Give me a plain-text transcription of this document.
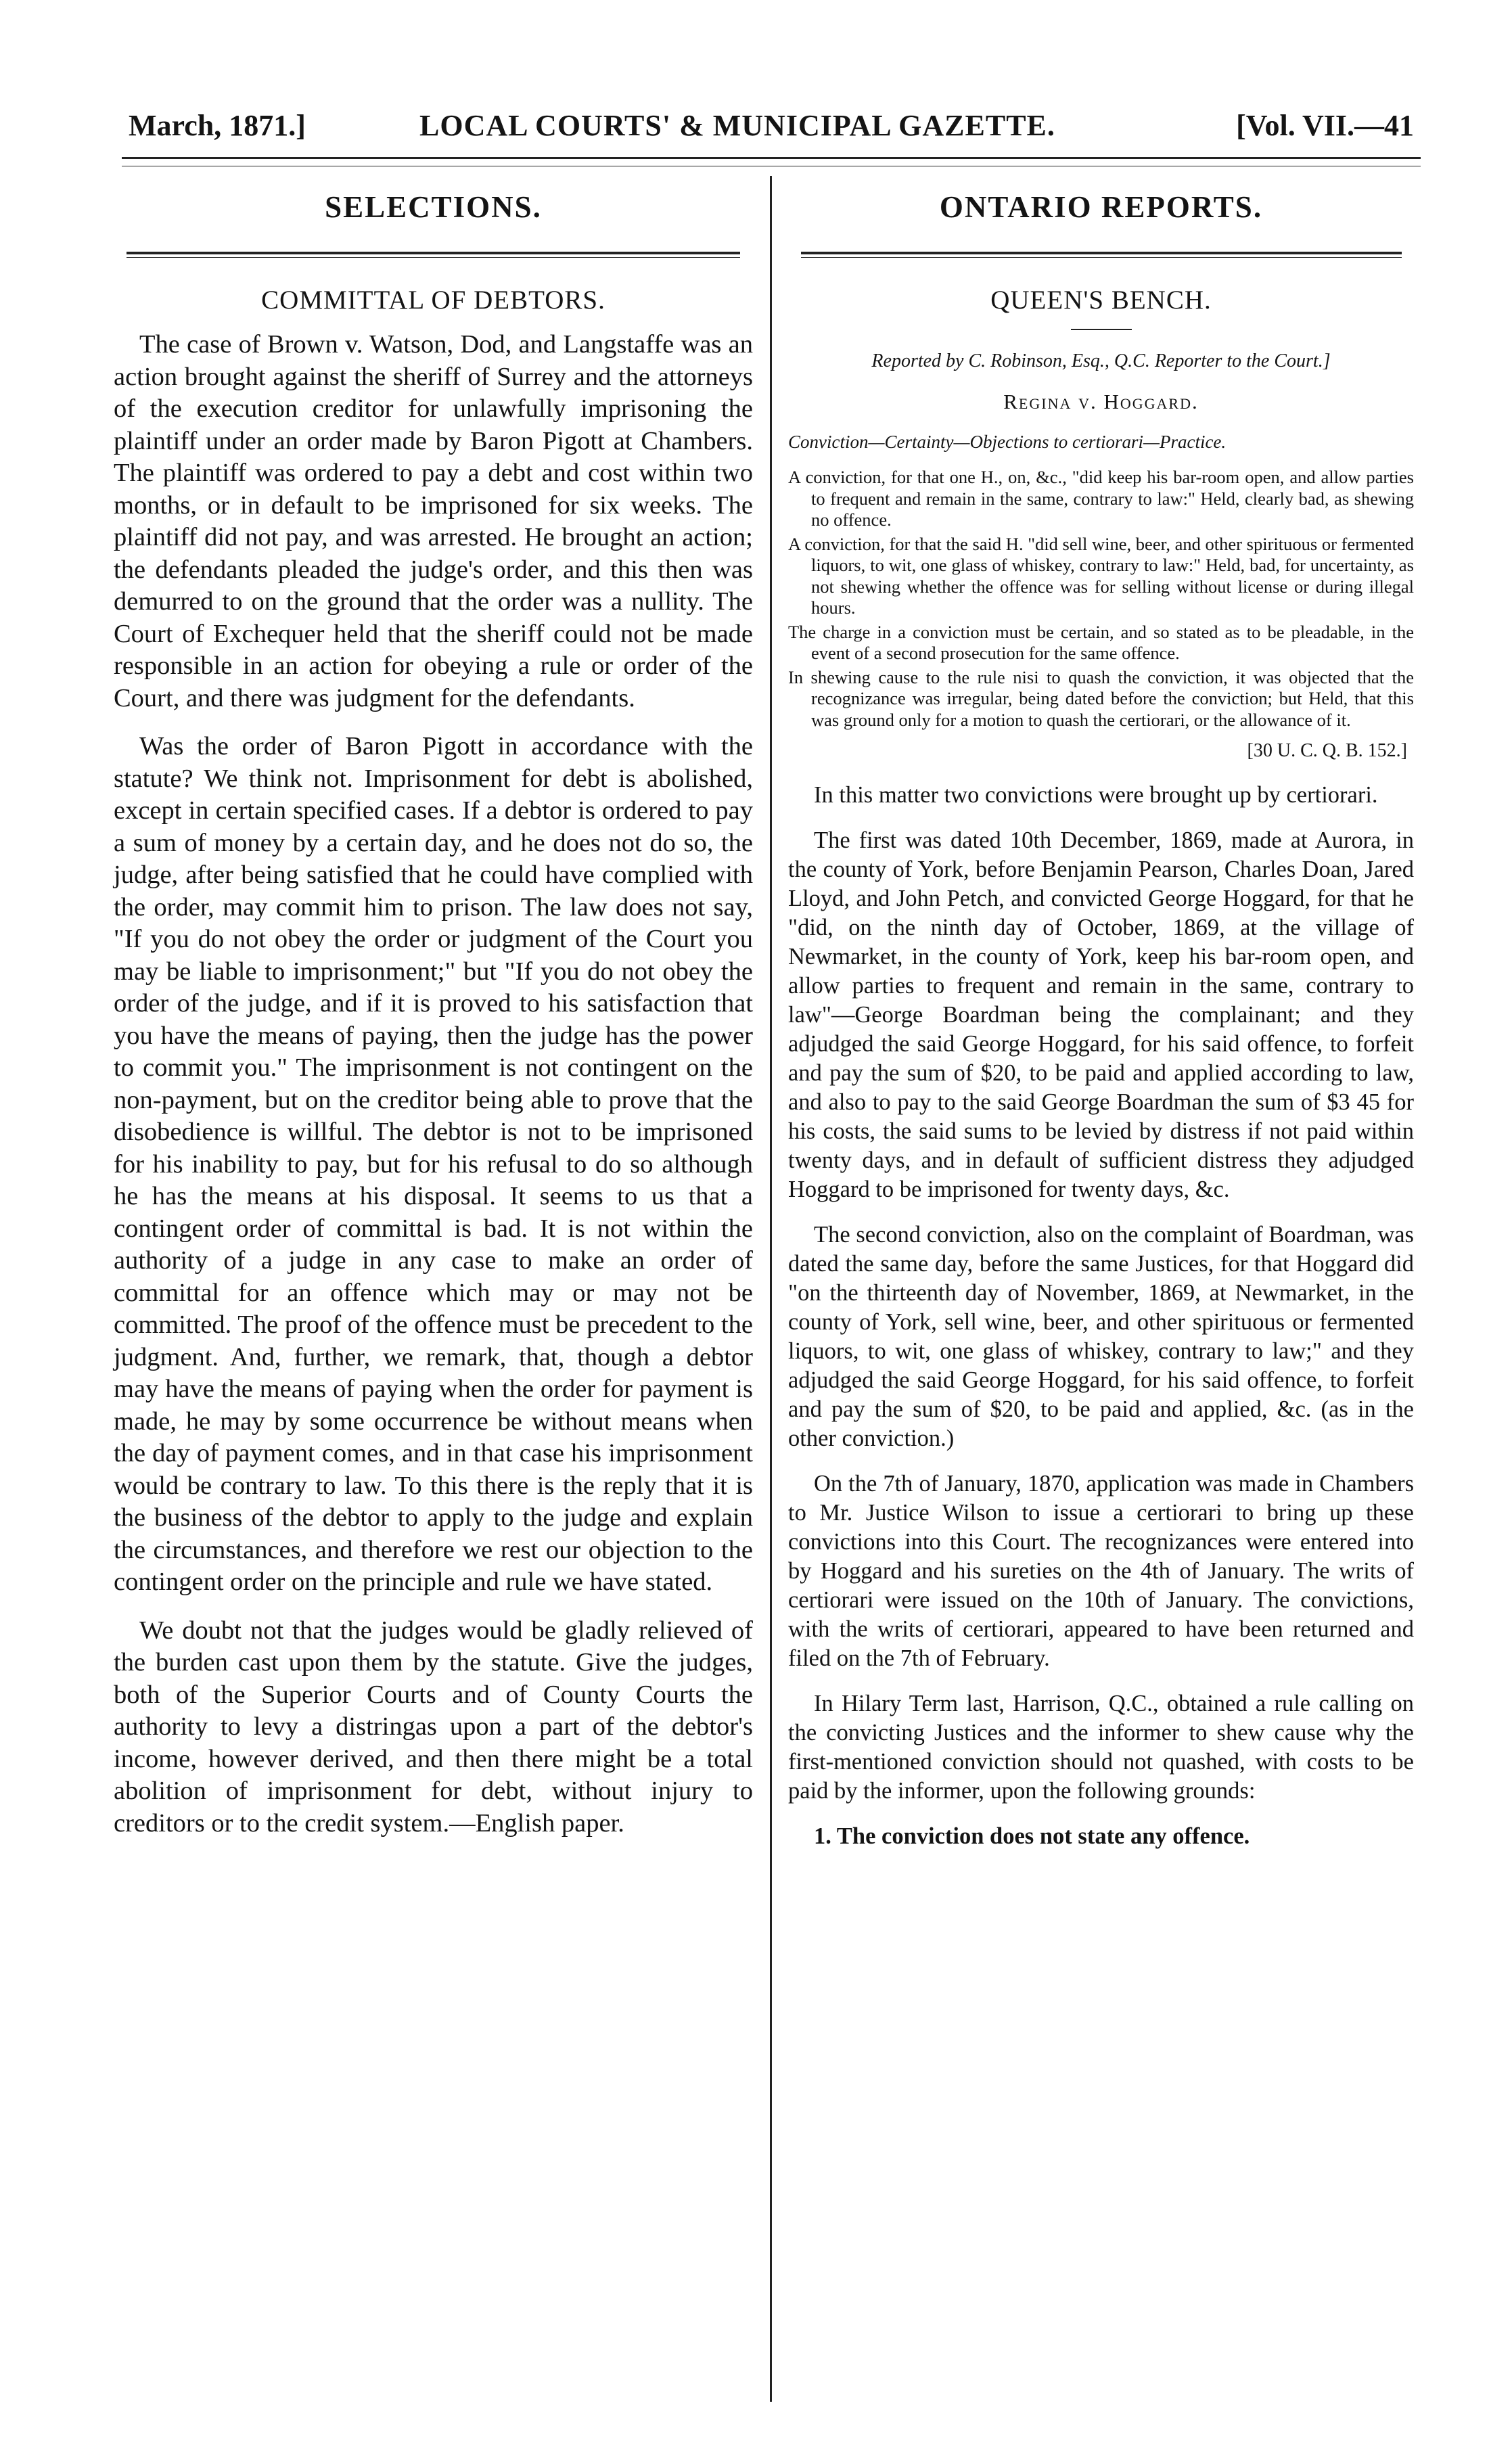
March, 1871.]	LOCAL COURTS' & MUNICIPAL GAZETTE.	[Vol. VII.—41
SELECTIONS.
COMMITTAL OF DEBTORS.

The case of Brown v. Watson, Dod, and Langstaffe was an action brought against the sheriff of Surrey and the attorneys of the execution creditor for unlawfully imprisoning the plaintiff under an order made by Baron Pigott at Chambers. The plaintiff was ordered to pay a debt and cost within two months, or in default to be imprisoned for six weeks. The plaintiff did not pay, and was arrested. He brought an action; the defendants pleaded the judge's order, and this then was demurred to on the ground that the order was a nullity. The Court of Exchequer held that the sheriff could not be made responsible in an action for obeying a rule or order of the Court, and there was judgment for the defendants.

Was the order of Baron Pigott in accordance with the statute? We think not. Imprisonment for debt is abolished, except in certain specified cases. If a debtor is ordered to pay a sum of money by a certain day, and he does not do so, the judge, after being satisfied that he could have complied with the order, may commit him to prison. The law does not say, "If you do not obey the order or judgment of the Court you may be liable to imprisonment;" but "If you do not obey the order of the judge, and if it is proved to his satisfaction that you have the means of paying, then the judge has the power to commit you." The imprisonment is not contingent on the non-payment, but on the creditor being able to prove that the disobedience is willful. The debtor is not to be imprisoned for his inability to pay, but for his refusal to do so although he has the means at his disposal. It seems to us that a contingent order of committal is bad. It is not within the authority of a judge in any case to make an order of committal for an offence which may or may not be committed. The proof of the offence must be precedent to the judgment. And, further, we remark, that, though a debtor may have the means of paying when the order for payment is made, he may by some occurrence be without means when the day of payment comes, and in that case his imprisonment would be contrary to law. To this there is the reply that it is the business of the debtor to apply to the judge and explain the circumstances, and therefore we rest our objection to the contingent order on the principle and rule we have stated.

We doubt not that the judges would be gladly relieved of the burden cast upon them by the statute. Give the judges, both of the Superior Courts and of County Courts the authority to levy a distringas upon a part of the debtor's income, however derived, and then there might be a total abolition of imprisonment for debt, without injury to creditors or to the credit system.—English paper.

ONTARIO REPORTS.
QUEEN'S BENCH.
Reported by C. Robinson, Esq., Q.C. Reporter to the Court.]
Regina v. Hoggard.
Conviction—Certainty—Objections to certiorari—Practice.

A conviction, for that one H., on, &c., "did keep his bar-room open, and allow parties to frequent and remain in the same, contrary to law:" Held, clearly bad, as shewing no offence.

A conviction, for that the said H. "did sell wine, beer, and other spirituous or fermented liquors, to wit, one glass of whiskey, contrary to law:" Held, bad, for uncertainty, as not shewing whether the offence was for selling without license or during illegal hours.

The charge in a conviction must be certain, and so stated as to be pleadable, in the event of a second prosecution for the same offence.

In shewing cause to the rule nisi to quash the conviction, it was objected that the recognizance was irregular, being dated before the conviction; but Held, that this was ground only for a motion to quash the certiorari, or the allowance of it.

[30 U. C. Q. B. 152.]

In this matter two convictions were brought up by certiorari.

The first was dated 10th December, 1869, made at Aurora, in the county of York, before Benjamin Pearson, Charles Doan, Jared Lloyd, and John Petch, and convicted George Hoggard, for that he "did, on the ninth day of October, 1869, at the village of Newmarket, in the county of York, keep his bar-room open, and allow parties to frequent and remain in the same, contrary to law"—George Boardman being the complainant; and they adjudged the said George Hoggard, for his said offence, to forfeit and pay the sum of $20, to be paid and applied according to law, and also to pay to the said George Boardman the sum of $3 45 for his costs, the said sums to be levied by distress if not paid within twenty days, and in default of sufficient distress they adjudged Hoggard to be imprisoned for twenty days, &c.

The second conviction, also on the complaint of Boardman, was dated the same day, before the same Justices, for that Hoggard did "on the thirteenth day of November, 1869, at Newmarket, in the county of York, sell wine, beer, and other spirituous or fermented liquors, to wit, one glass of whiskey, contrary to law;" and they adjudged the said George Hoggard, for his said offence, to forfeit and pay the sum of $20, to be paid and applied, &c. (as in the other conviction.)

On the 7th of January, 1870, application was made in Chambers to Mr. Justice Wilson to issue a certiorari to bring up these convictions into this Court. The recognizances were entered into by Hoggard and his sureties on the 4th of January. The writs of certiorari were issued on the 10th of January. The convictions, with the writs of certiorari, appeared to have been returned and filed on the 7th of February.

In Hilary Term last, Harrison, Q.C., obtained a rule calling on the convicting Justices and the informer to shew cause why the first-mentioned conviction should not quashed, with costs to be paid by the informer, upon the following grounds:

1. The conviction does not state any offence.
